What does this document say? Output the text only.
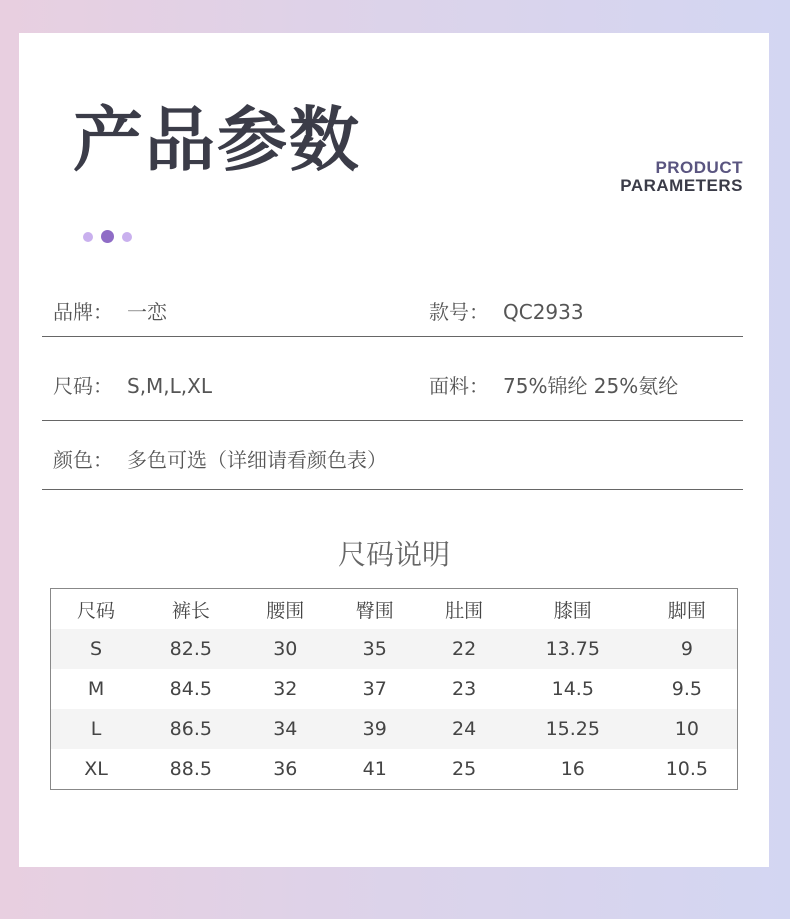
产品参数	PRODUCT
PARAMETERS
品牌： 一恋	款号： QC2933
尺码： S,M,L,XL	面料： 75%锦纶 25%氨纶
颜色： 多色可选（详细请看颜色表）
尺码说明
尺码	裤长	腰围	臀围	肚围	膝围	脚围
S	82.5	30	35	22	13.75	9
M	84.5	32	37	23	14.5	9.5
L	86.5	34	39	24	15.25	10
XL	88.5	36	41	25	16	10.5
